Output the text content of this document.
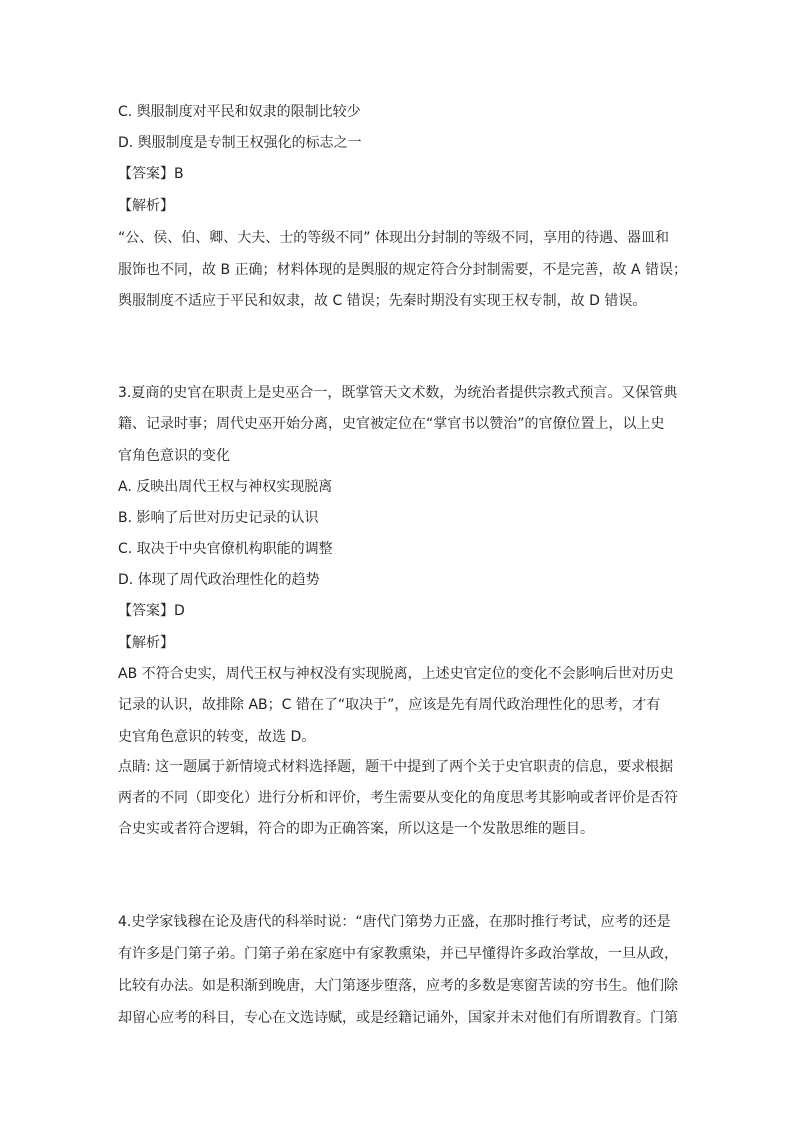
C. 舆服制度对平民和奴隶的限制比较少
D. 舆服制度是专制王权强化的标志之一
【答案】B
【解析】
“公、侯、伯、卿、大夫、士的等级不同” 体现出分封制的等级不同，享用的待遇、器皿和
服饰也不同，故 B 正确；材料体现的是舆服的规定符合分封制需要，不是完善，故 A 错误；
舆服制度不适应于平民和奴隶，故 C 错误；先秦时期没有实现王权专制，故 D 错误。
3.夏商的史官在职责上是史巫合一，既掌管天文术数，为统治者提供宗教式预言。又保管典
籍、记录时事；周代史巫开始分离，史官被定位在“掌官书以赞治”的官僚位置上，以上史
官角色意识的变化
A. 反映出周代王权与神权实现脱离
B. 影响了后世对历史记录的认识
C. 取决于中央官僚机构职能的调整
D. 体现了周代政治理性化的趋势
【答案】D
【解析】
AB 不符合史实，周代王权与神权没有实现脱离，上述史官定位的变化不会影响后世对历史
记录的认识，故排除 AB；C 错在了“取决于”，应该是先有周代政治理性化的思考，才有
史官角色意识的转变，故选 D。
点睛: 这一题属于新情境式材料选择题，题干中提到了两个关于史官职责的信息，要求根据
两者的不同（即变化）进行分析和评价，考生需要从变化的角度思考其影响或者评价是否符
合史实或者符合逻辑，符合的即为正确答案，所以这是一个发散思维的题目。
4.史学家钱穆在论及唐代的科举时说：“唐代门第势力正盛，在那时推行考试，应考的还是
有许多是门第子弟。门第子弟在家庭中有家教熏染，并已早懂得许多政治掌故，一旦从政，
比较有办法。如是积渐到晚唐，大门第逐步堕落，应考的多数是寒窗苦读的穷书生。他们除
却留心应考的科目，专心在文选诗赋，或是经籍记诵外，国家并未对他们有所谓教育。门第
